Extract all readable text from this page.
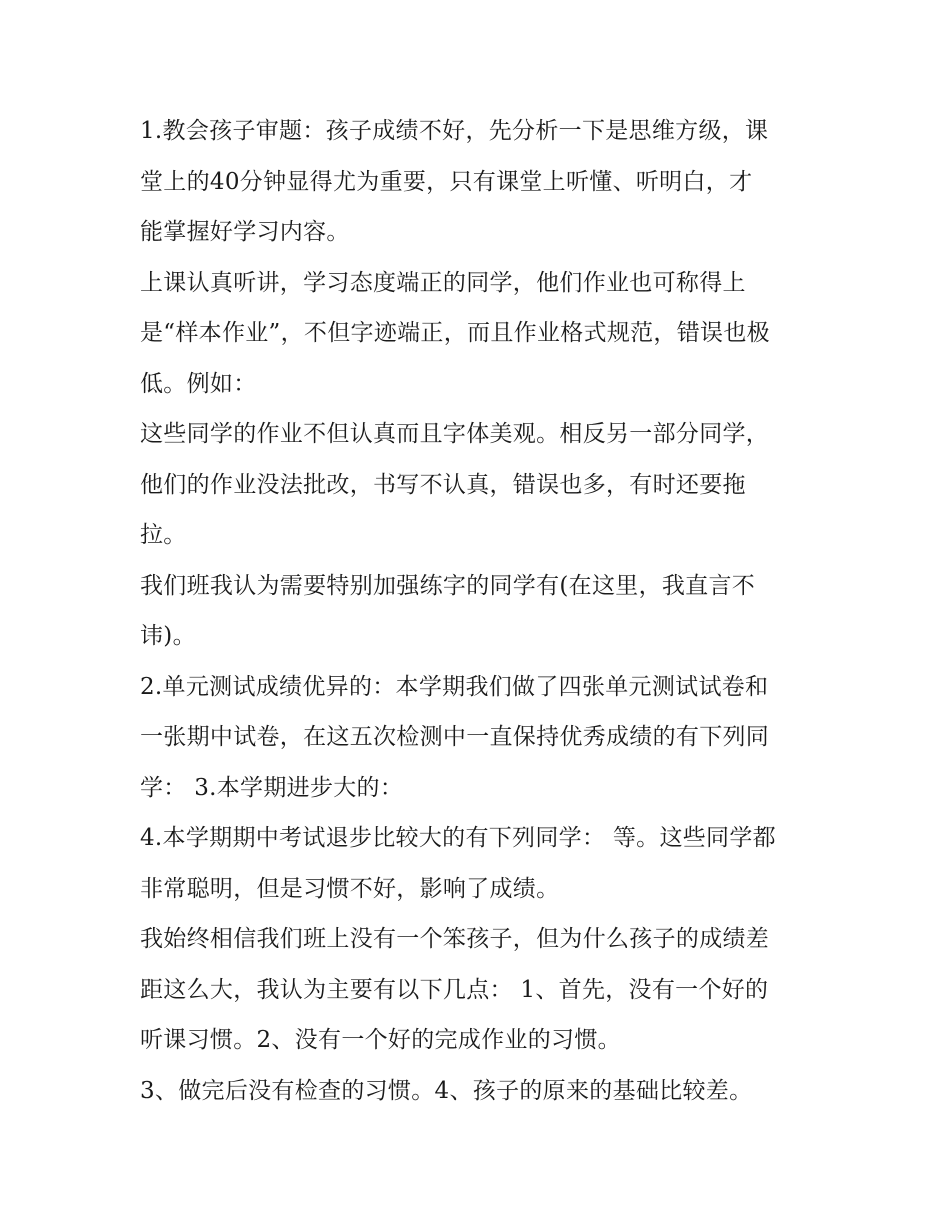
1.教会孩子审题：孩子成绩不好，先分析一下是思维方级，课
堂上的40分钟显得尤为重要，只有课堂上听懂、听明白，才
能掌握好学习内容。
上课认真听讲，学习态度端正的同学，他们作业也可称得上
是“样本作业”，不但字迹端正，而且作业格式规范，错误也极
低。例如：
这些同学的作业不但认真而且字体美观。相反另一部分同学，
他们的作业没法批改，书写不认真，错误也多，有时还要拖
拉。
我们班我认为需要特别加强练字的同学有(在这里，我直言不
讳)。
2.单元测试成绩优异的：本学期我们做了四张单元测试试卷和
一张期中试卷，在这五次检测中一直保持优秀成绩的有下列同
学： 3.本学期进步大的：
4.本学期期中考试退步比较大的有下列同学： 等。这些同学都
非常聪明，但是习惯不好，影响了成绩。
我始终相信我们班上没有一个笨孩子，但为什么孩子的成绩差
距这么大，我认为主要有以下几点： 1、首先，没有一个好的
听课习惯。2、没有一个好的完成作业的习惯。
3、做完后没有检查的习惯。4、孩子的原来的基础比较差。
